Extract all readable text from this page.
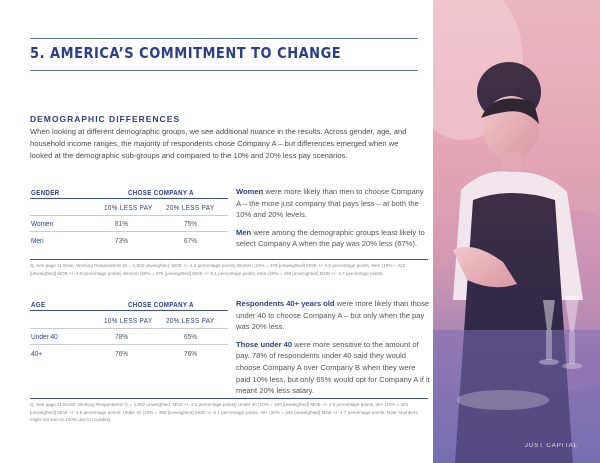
5. AMERICA’S COMMITMENT TO CHANGE
DEMOGRAPHIC DIFFERENCES
When looking at different demographic groups, we see additional nuance in the results. Across gender, age, and household income ranges, the majority of respondents chose Company A – but differences emerged when we looked at the demographic sub-groups and compared to the 10% and 20% less pay scenarios.
GENDER	CHOSE COMPANY A
10% LESS PAY 20% LESS PAY
Women	81%	75%
Men	73%	67%

Women were more likely than men to choose Company A – the more just company that pays less – at both the 10% and 20% levels.

Men were among the demographic groups least likely to select Company A when the pay was 20% less (67%).

Q. See page 11 Base: Working Respondents (N = 1,802 unweighted; MOE +/- 3.2 percentage points) Women (10% = 379 [unweighted] MOE +/- 5.0 percentage points, Men (10% = 422 [unweighted] MOE +/- 4.8 percentage points) Women (20% = 376 [unweighted] MOE +/- 5.1 percentage points, Men (20% = 430 [unweighted] MOE +/- 4.7 percentage points
AGE	CHOSE COMPANY A
10% LESS PAY 20% LESS PAY
Under 40	78%	65%
40+	76%	76%

Respondents 40+ years old were more likely than those under 40 to choose Company A – but only when the pay was 20% less.

Those under 40 were more sensitive to the amount of pay. 78% of respondents under 40 said they would choose Company A over Company B when they were paid 10% less, but only 65% would opt for Company A if it meant 20% less salary.

Q. See page 11 BASE: Working Respondents (n = 1,802 unweighted; MOE +/- 3.2 percentage points) Under 40 (10% = 400 [unweighted] MOE +/- 4.9 percentage points, 40+ (10% = 401 [unweighted] MOE +/- 4.9 percentage points; Under 40 (20% = 369 [unweighted] MOE +/- 5.1 percentage points, 40+ (20% = 436 [unweighted] MOE +/- 4.7 percentage points. Note: Numbers might not sum to 100% due to rounding.
JUST CAPITAL
